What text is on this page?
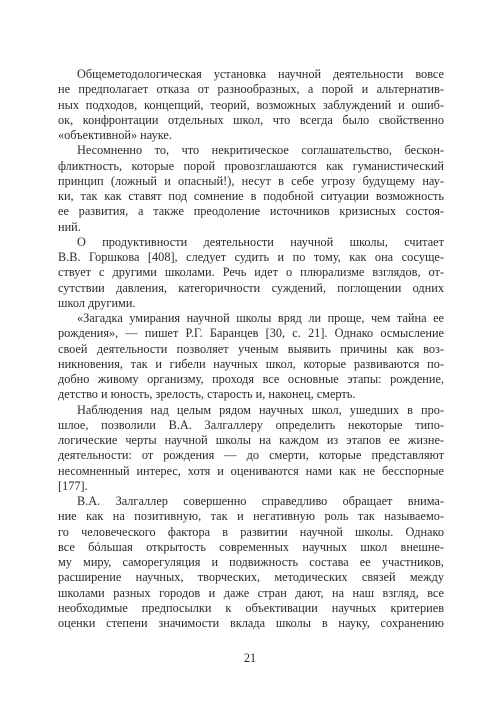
Общеметодологическая установка научной деятельности вовсе
не предполагает отказа от разнообразных, а порой и альтернатив-
ных подходов, концепций, теорий, возможных заблуждений и ошиб-
ок, конфронтации отдельных школ, что всегда было свойственно
«объективной» науке.

Несомненно то, что некритическое соглашательство, бескон-
фликтность, которые порой провозглашаются как гуманистический
принцип (ложный и опасный!), несут в себе угрозу будущему нау-
ки, так как ставят под сомнение в подобной ситуации возможность
ее развития, а также преодоление источников кризисных состоя-
ний.

О продуктивности деятельности научной школы, считает
В.В. Горшкова [408], следует судить и по тому, как она сосуще-
ствует с другими школами. Речь идет о плюрализме взглядов, от-
сутствии давления, категоричности суждений, поглощении одних
школ другими.

«Загадка умирания научной школы вряд ли проще, чем тайна ее
рождения», — пишет Р.Г. Баранцев [30, с. 21]. Однако осмысление
своей деятельности позволяет ученым выявить причины как воз-
никновения, так и гибели научных школ, которые развиваются по-
добно живому организму, проходя все основные этапы: рождение,
детство и юность, зрелость, старость и, наконец, смерть.

Наблюдения над целым рядом научных школ, ушедших в про-
шлое, позволили В.А. Залгаллеру определить некоторые типо-
логические черты научной школы на каждом из этапов ее жизне-
деятельности: от рождения — до смерти, которые представляют
несомненный интерес, хотя и оцениваются нами как не бесспорные
[177].

В.А. Залгаллер совершенно справедливо обращает внима-
ние как на позитивную, так и негативную роль так называемо-
го человеческого фактора в развитии научной школы. Однако
все бóльшая открытость современных научных школ внешне-
му миру, саморегуляция и подвижность состава ее участников,
расширение научных, творческих, методических связей между
школами разных городов и даже стран дают, на наш взгляд, все
необходимые предпосылки к объективации научных критериев
оценки степени значимости вклада школы в науку, сохранению

21
